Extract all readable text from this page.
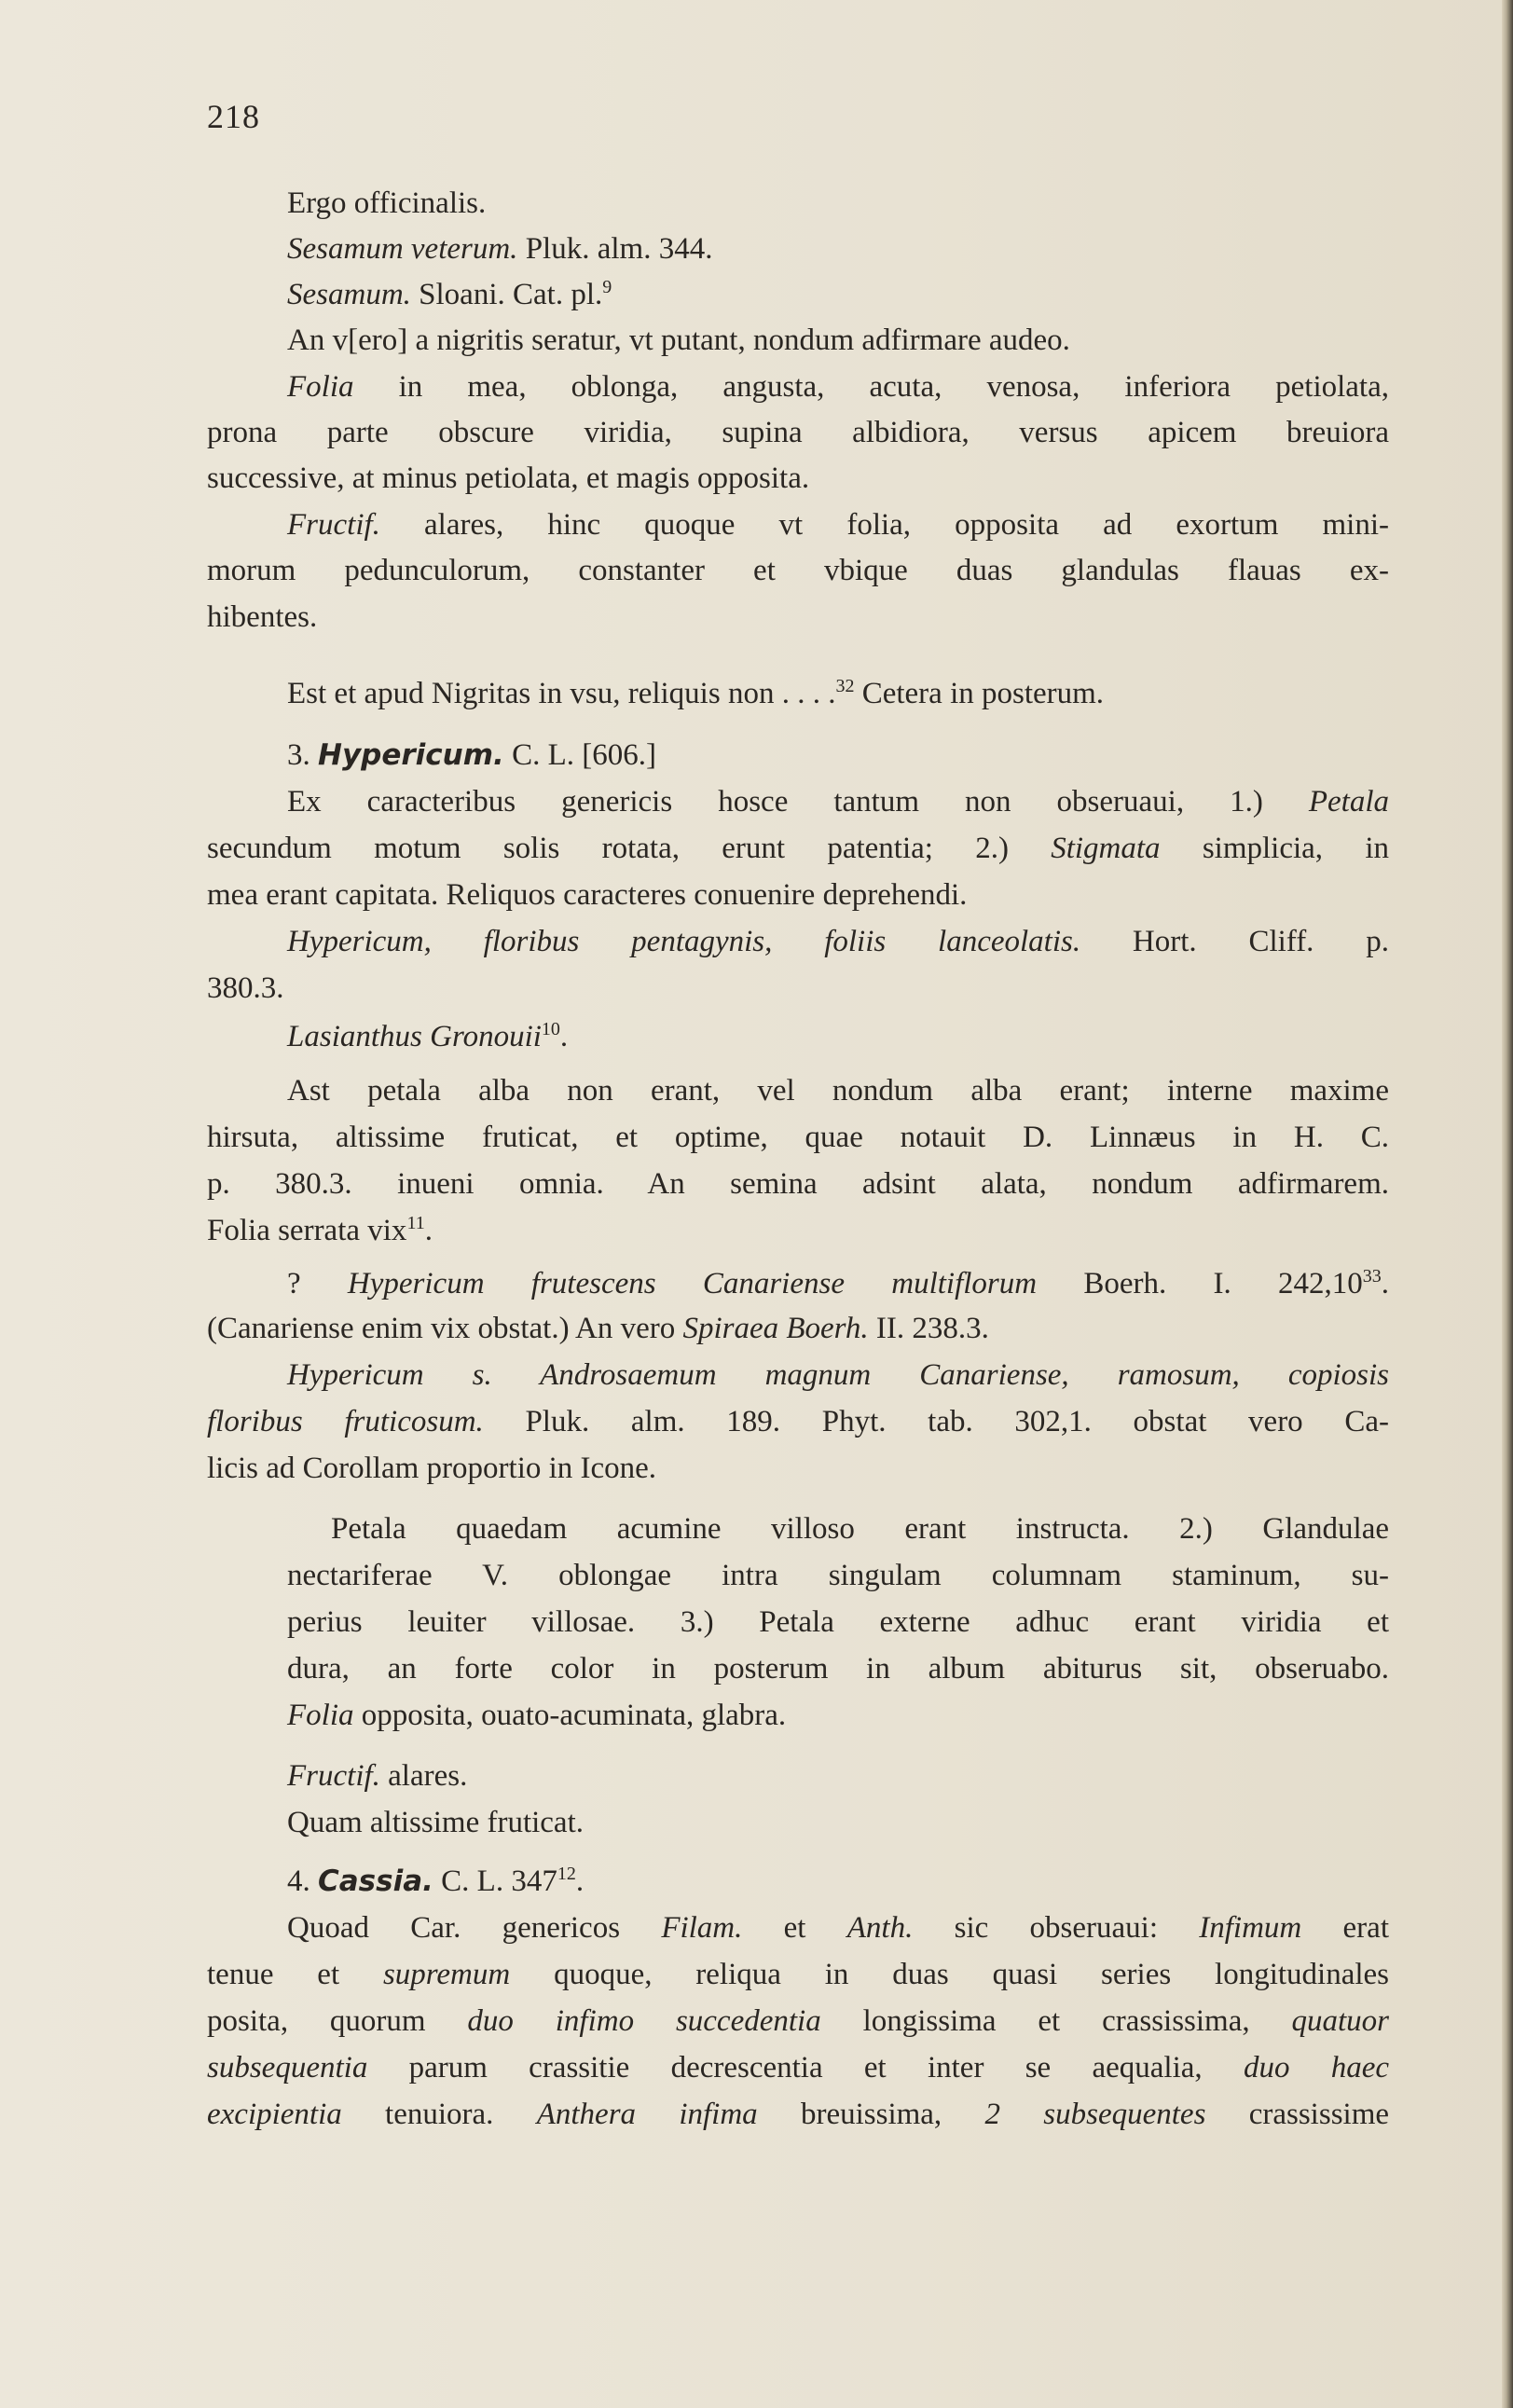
218
Ergo officinalis.
Sesamum veterum. Pluk. alm. 344.
Sesamum. Sloani. Cat. pl.$^9$
An v[ero] a nigritis seratur, vt putant, nondum adfirmare audeo.
Folia in mea, oblonga, angusta, acuta, venosa, inferiora petiolata,
prona parte obscure viridia, supina albidiora, versus apicem breuiora
successive, at minus petiolata, et magis opposita.
Fructif. alares, hinc quoque vt folia, opposita ad exortum mini-
morum pedunculorum, constanter et vbique duas glandulas flauas ex-
hibentes.
Est et apud Nigritas in vsu, reliquis non . . . .$^{32}$ Cetera in posterum.
3. Hypericum. C. L. [606.]
Ex caracteribus genericis hosce tantum non obseruaui, 1.) Petala
secundum motum solis rotata, erunt patentia; 2.) Stigmata simplicia, in
mea erant capitata. Reliquos caracteres conuenire deprehendi.
Hypericum, floribus pentagynis, foliis lanceolatis. Hort. Cliff. p.
380.3.
Lasianthus Gronouii$^{10}$.
Ast petala alba non erant, vel nondum alba erant; interne maxime
hirsuta, altissime fruticat, et optime, quae notauit D. Linnæus in H. C.
p. 380.3. inueni omnia. An semina adsint alata, nondum adfirmarem.
Folia serrata vix$^{11}$.
? Hypericum frutescens Canariense multiflorum Boerh. I. 242,10$^{33}$.
(Canariense enim vix obstat.) An vero Spiraea Boerh. II. 238.3.
Hypericum s. Androsaemum magnum Canariense, ramosum, copiosis
floribus fruticosum. Pluk. alm. 189. Phyt. tab. 302,1. obstat vero Ca-
licis ad Corollam proportio in Icone.
Petala quaedam acumine villoso erant instructa. 2.) Glandulae
nectariferae V. oblongae intra singulam columnam staminum, su-
perius leuiter villosae. 3.) Petala externe adhuc erant viridia et
dura, an forte color in posterum in album abiturus sit, obseruabo.
Folia opposita, ouato-acuminata, glabra.
Fructif. alares.
Quam altissime fruticat.
4. Cassia. C. L. $347^{12}$.
Quoad Car. genericos Filam. et Anth. sic obseruaui: Infimum erat
tenue et supremum quoque, reliqua in duas quasi series longitudinales
posita, quorum duo infimo succedentia longissima et crassissima, quatuor
subsequentia parum crassitie decrescentia et inter se aequalia, duo haec
excipientia tenuiora. Anthera infima breuissima, 2 subsequentes crassissime
